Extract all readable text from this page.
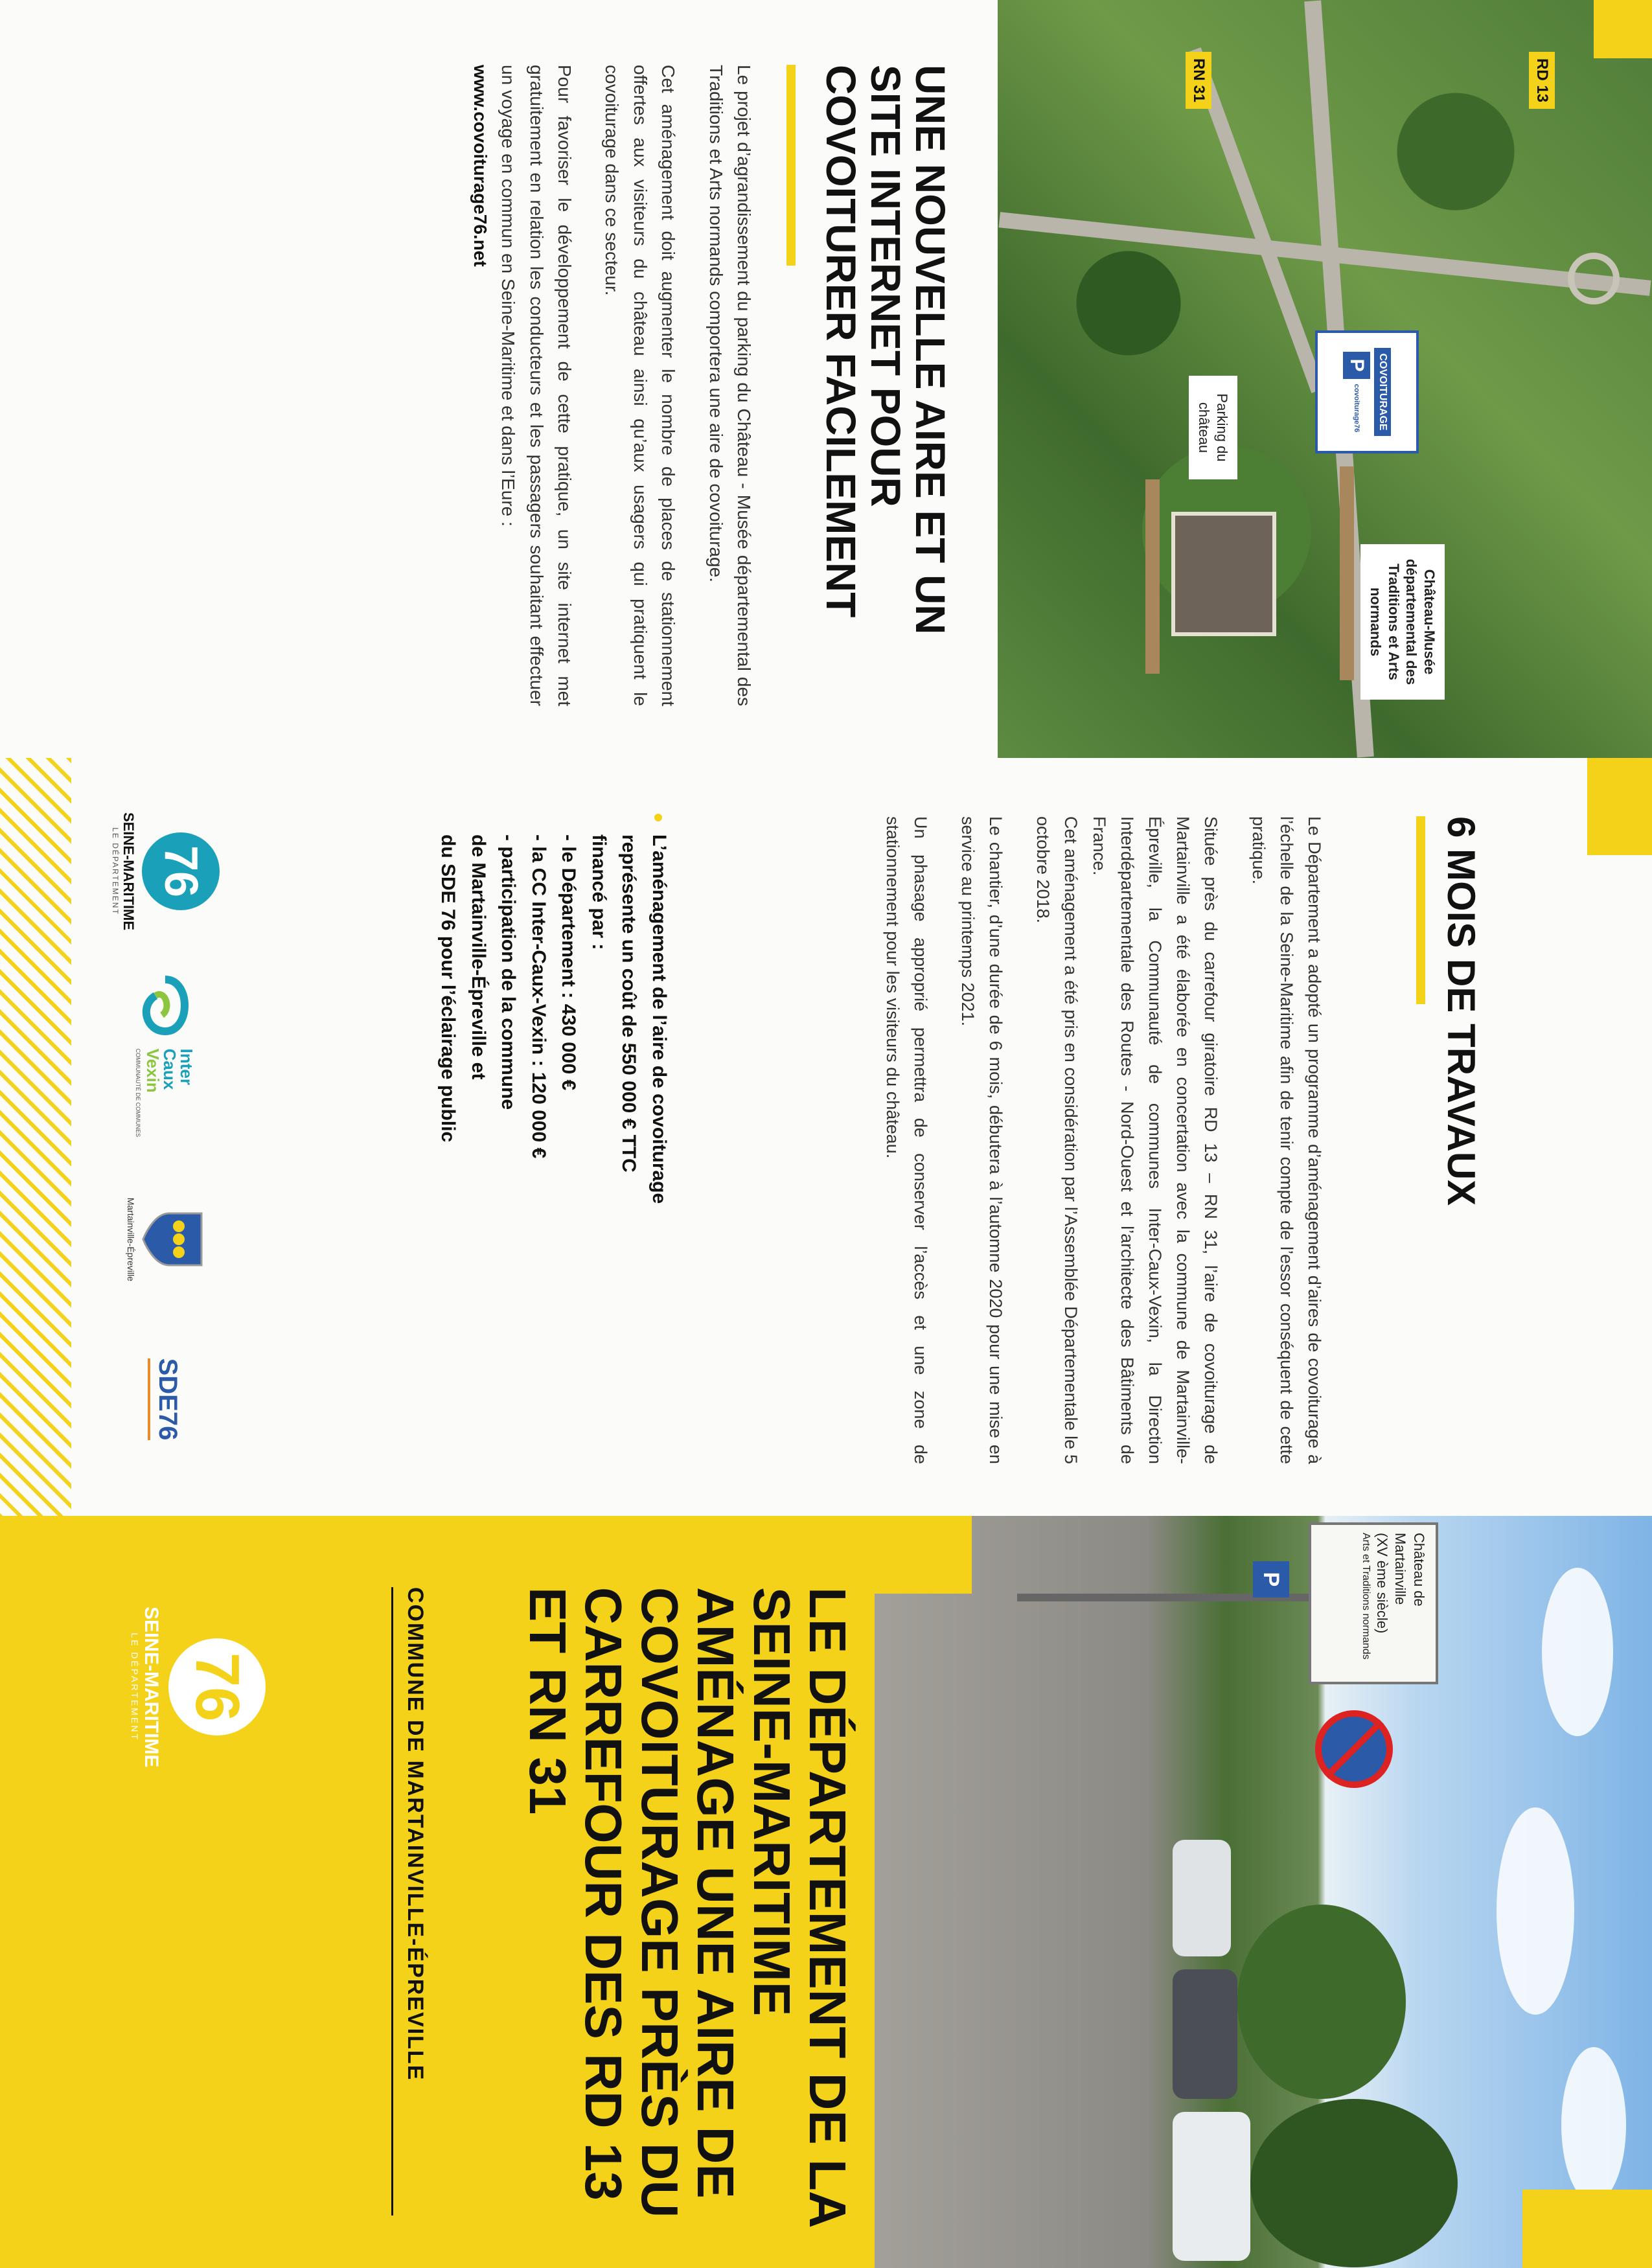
RD 13
RN 31
COVOITURAGE
P
covoiturage76
Parking du château
Château-Musée départemental des Traditions et Arts normands
UNE NOUVELLE AIRE ET UN SITE INTERNET POUR COVOITURER FACILEMENT

Le projet d’agrandissement du parking du Château - Musée départemental des Traditions et Arts normands comportera une aire de covoiturage.

Cet aménagement doit augmenter le nombre de places de stationnement offertes aux visiteurs du château ainsi qu’aux usagers qui pratiquent le covoiturage dans ce secteur.

Pour favoriser le développement de cette pratique, un site internet met gratuitement en relation les conducteurs et les passagers souhaitant effectuer un voyage en commun en Seine-Maritime et dans l’Eure :

www.covoiturage76.net
6 MOIS DE TRAVAUX

Le Département a adopté un programme d’aménagement d’aires de covoiturage à l’échelle de la Seine-Maritime afin de tenir compte de l’essor conséquent de cette pratique.

Située près du carrefour giratoire RD 13 – RN 31, l’aire de covoiturage de Martainville a été élaborée en concertation avec la commune de Martainville-Épreville, la Communauté de communes Inter-Caux-Vexin, la Direction Interdépartementale des Routes - Nord-Ouest et l’architecte des Bâtiments de France.

Cet aménagement a été pris en considération par l’Assemblée Départementale le 5 octobre 2018.

Le chantier, d’une durée de 6 mois, débutera à l’automne 2020 pour une mise en service au printemps 2021.

Un phasage approprié permettra de conserver l’accès et une zone de stationnement pour les visiteurs du château.

L’aménagement de l’aire de covoiturage
représente un coût de 550 000 € TTC
financé par :
- le Département : 430 000 €
- la CC Inter-Caux-Vexin : 120 000 €
- participation de la commune
de Martainville-Épreville et
du SDE 76 pour l’éclairage public
76
SEINE-MARITIME
LE DÉPARTEMENT
Inter
Caux
Vexin
COMMUNAUTÉ DE COMMUNES
Martainville-Épreville
SDE76
Château de
Martainville
(XV ème siècle)
Arts et Traditions normands
P
LE DÉPARTEMENT DE LA SEINE-MARITIME AMÉNAGE UNE AIRE DE COVOITURAGE PRÈS DU CARREFOUR DES RD 13 ET RN 31
COMMUNE DE MARTAINVILLE-ÉPREVILLE
76
SEINE-MARITIME
LE DÉPARTEMENT
